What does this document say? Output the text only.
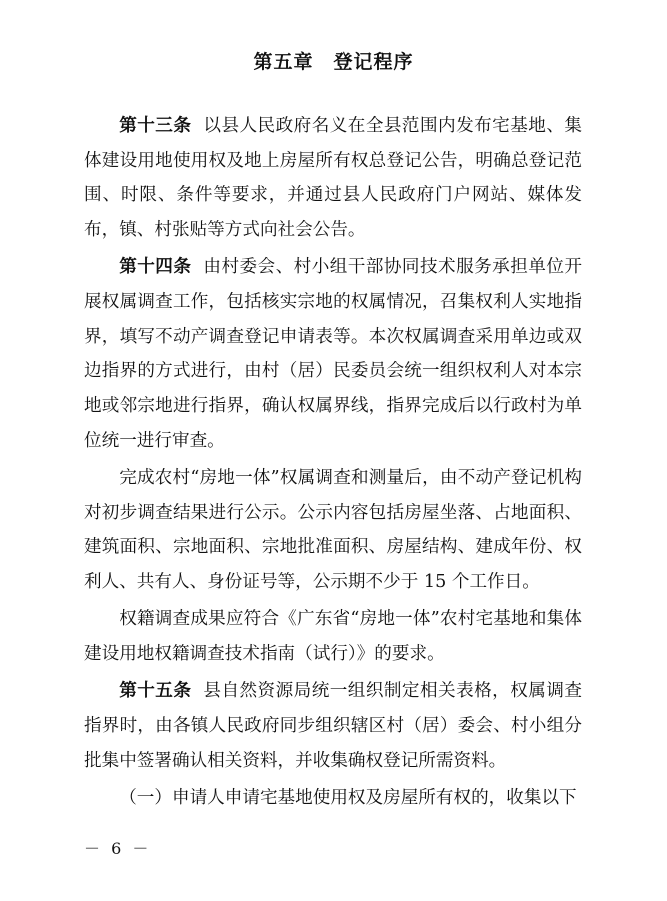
第五章　登记程序

第十三条 以县人民政府名义在全县范围内发布宅基地、集体建设用地使用权及地上房屋所有权总登记公告，明确总登记范围、时限、条件等要求，并通过县人民政府门户网站、媒体发布，镇、村张贴等方式向社会公告。

第十四条 由村委会、村小组干部协同技术服务承担单位开展权属调查工作，包括核实宗地的权属情况，召集权利人实地指界，填写不动产调查登记申请表等。本次权属调查采用单边或双边指界的方式进行，由村（居）民委员会统一组织权利人对本宗地或邻宗地进行指界，确认权属界线，指界完成后以行政村为单位统一进行审查。

完成农村“房地一体”权属调查和测量后，由不动产登记机构对初步调查结果进行公示。公示内容包括房屋坐落、占地面积、建筑面积、宗地面积、宗地批准面积、房屋结构、建成年份、权利人、共有人、身份证号等，公示期不少于 15 个工作日。

权籍调查成果应符合《广东省“房地一体”农村宅基地和集体建设用地权籍调查技术指南（试行）》的要求。

第十五条 县自然资源局统一组织制定相关表格，权属调查指界时，由各镇人民政府同步组织辖区村（居）委会、村小组分批集中签署确认相关资料，并收集确权登记所需资料。

（一）申请人申请宅基地使用权及房屋所有权的，收集以下

－ 6 －
